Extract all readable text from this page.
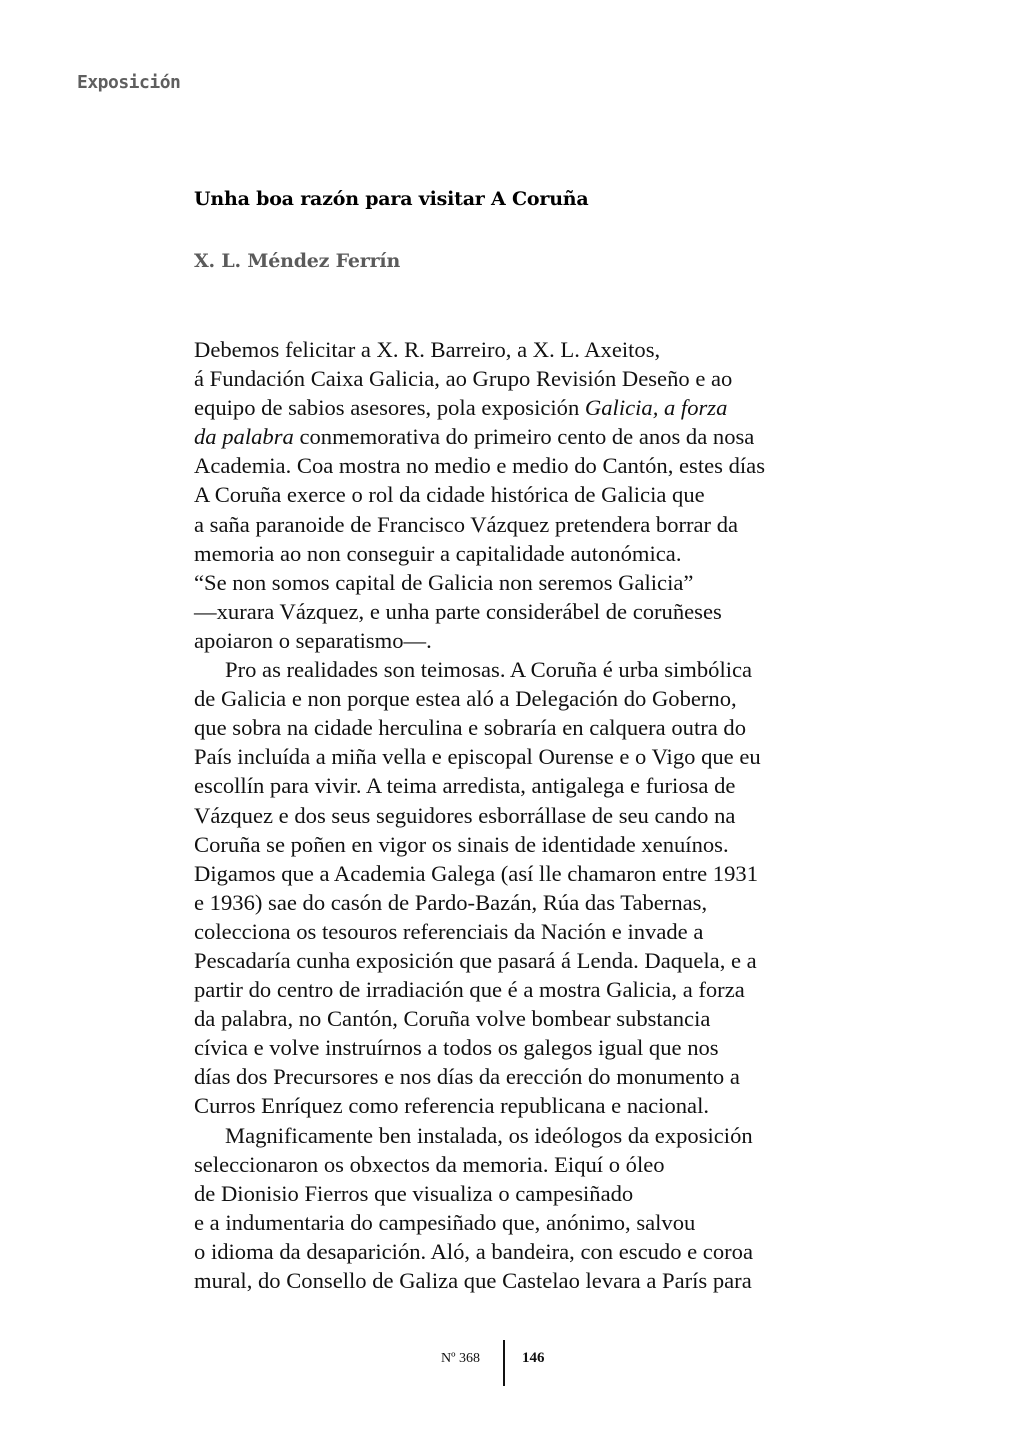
Exposición
Unha boa razón para visitar A Coruña
X. L. Méndez Ferrín
Debemos felicitar a X. R. Barreiro, a X. L. Axeitos,
á Fundación Caixa Galicia, ao Grupo Revisión Deseño e ao
equipo de sabios asesores, pola exposición Galicia, a forza
da palabra conmemorativa do primeiro cento de anos da nosa
Academia. Coa mostra no medio e medio do Cantón, estes días
A Coruña exerce o rol da cidade histórica de Galicia que
a saña paranoide de Francisco Vázquez pretendera borrar da
memoria ao non conseguir a capitalidade autonómica.
“Se non somos capital de Galicia non seremos Galicia”
—xurara Vázquez, e unha parte considerábel de coruñeses
apoiaron o separatismo—.
Pro as realidades son teimosas. A Coruña é urba simbólica
de Galicia e non porque estea aló a Delegación do Goberno,
que sobra na cidade herculina e sobraría en calquera outra do
País incluída a miña vella e episcopal Ourense e o Vigo que eu
escollín para vivir. A teima arredista, antigalega e furiosa de
Vázquez e dos seus seguidores esborrállase de seu cando na
Coruña se poñen en vigor os sinais de identidade xenuínos.
Digamos que a Academia Galega (así lle chamaron entre 1931
e 1936) sae do casón de Pardo-Bazán, Rúa das Tabernas,
colecciona os tesouros referenciais da Nación e invade a
Pescadaría cunha exposición que pasará á Lenda. Daquela, e a
partir do centro de irradiación que é a mostra Galicia, a forza
da palabra, no Cantón, Coruña volve bombear substancia
cívica e volve instruírnos a todos os galegos igual que nos
días dos Precursores e nos días da erección do monumento a
Curros Enríquez como referencia republicana e nacional.
Magnificamente ben instalada, os ideólogos da exposición
seleccionaron os obxectos da memoria. Eiquí o óleo
de Dionisio Fierros que visualiza o campesiñado
e a indumentaria do campesiñado que, anónimo, salvou
o idioma da desaparición. Aló, a bandeira, con escudo e coroa
mural, do Consello de Galiza que Castelao levara a París para
Nº 368	146
